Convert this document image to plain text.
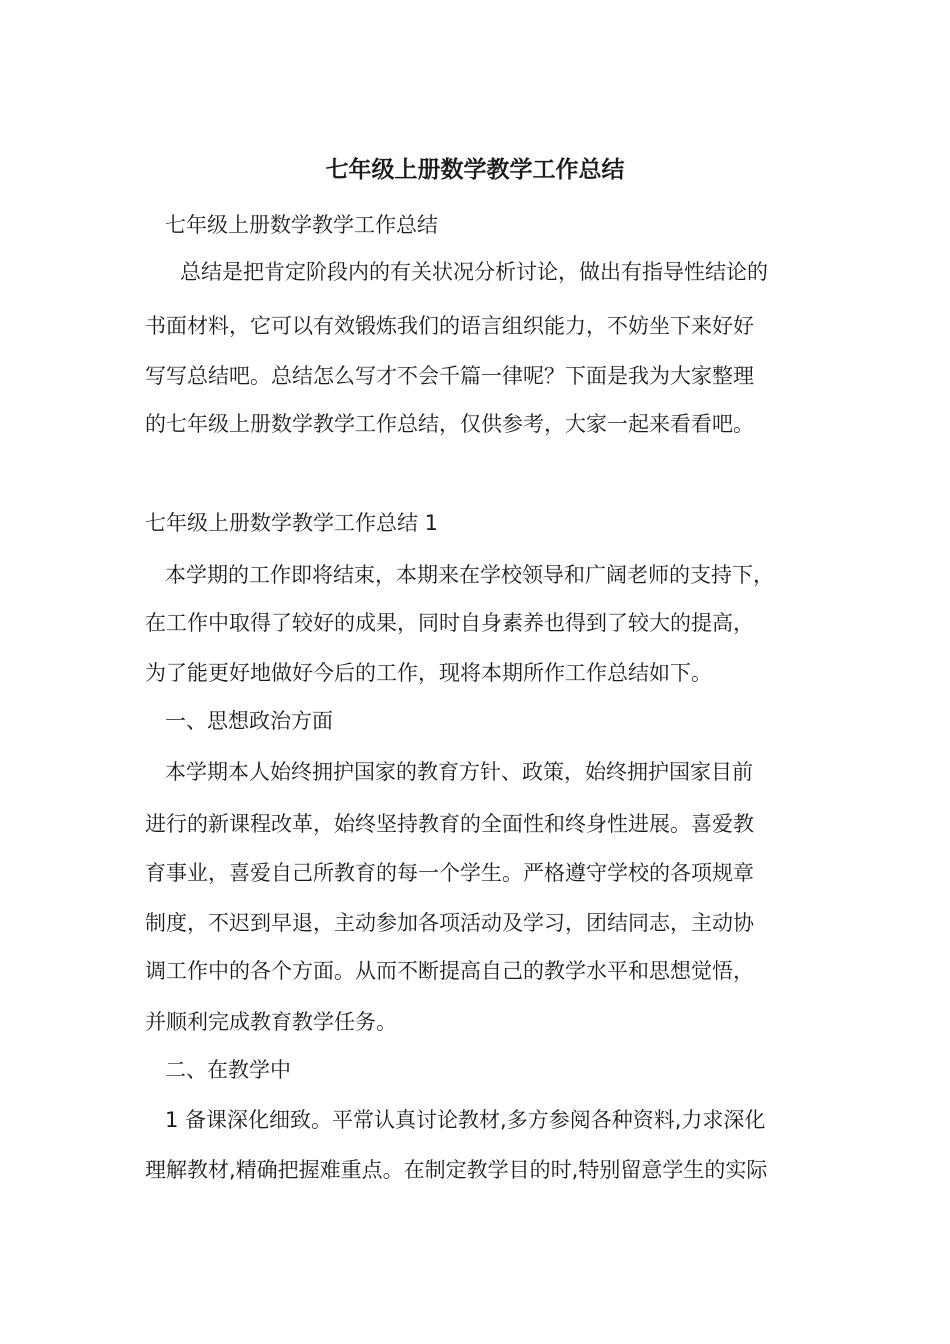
七年级上册数学教学工作总结

七年级上册数学教学工作总结

总结是把肯定阶段内的有关状况分析讨论，做出有指导性结论的

书面材料，它可以有效锻炼我们的语言组织能力，不妨坐下来好好

写写总结吧。总结怎么写才不会千篇一律呢？下面是我为大家整理

的七年级上册数学教学工作总结，仅供参考，大家一起来看看吧。

七年级上册数学教学工作总结 1

本学期的工作即将结束，本期来在学校领导和广阔老师的支持下，

在工作中取得了较好的成果，同时自身素养也得到了较大的提高，

为了能更好地做好今后的工作，现将本期所作工作总结如下。

一、思想政治方面

本学期本人始终拥护国家的教育方针、政策，始终拥护国家目前

进行的新课程改革，始终坚持教育的全面性和终身性进展。喜爱教

育事业，喜爱自己所教育的每一个学生。严格遵守学校的各项规章

制度，不迟到早退，主动参加各项活动及学习，团结同志，主动协

调工作中的各个方面。从而不断提高自己的教学水平和思想觉悟，

并顺利完成教育教学任务。

二、在教学中

1 备课深化细致。平常认真讨论教材,多方参阅各种资料,力求深化

理解教材,精确把握难重点。在制定教学目的时,特别留意学生的实际
